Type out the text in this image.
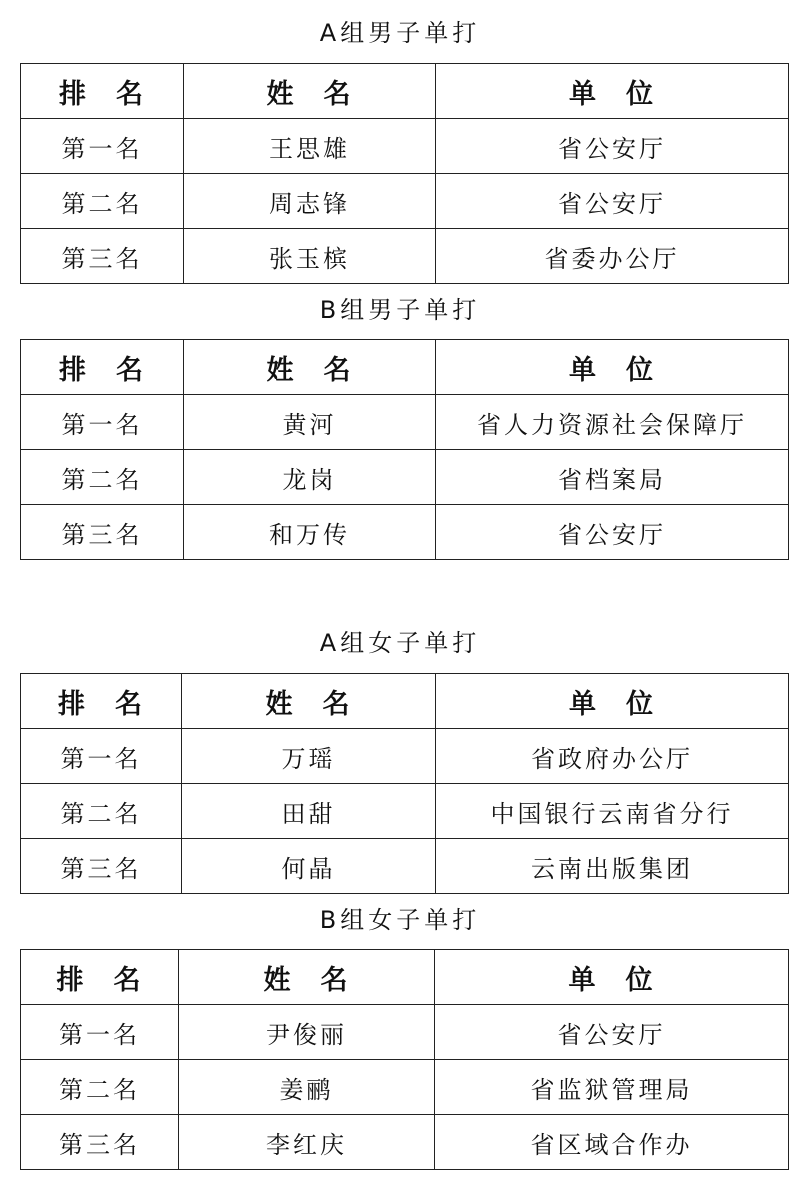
A组男子单打
排 名	姓 名	单 位
第一名	王思雄	省公安厅
第二名	周志锋	省公安厅
第三名	张玉槟	省委办公厅
B组男子单打
排 名	姓 名	单 位
第一名	黄河	省人力资源社会保障厅
第二名	龙岗	省档案局
第三名	和万传	省公安厅
A组女子单打
排 名	姓 名	单 位
第一名	万瑶	省政府办公厅
第二名	田甜	中国银行云南省分行
第三名	何晶	云南出版集团
B组女子单打
排 名	姓 名	单 位
第一名	尹俊丽	省公安厅
第二名	姜鹂	省监狱管理局
第三名	李红庆	省区域合作办
